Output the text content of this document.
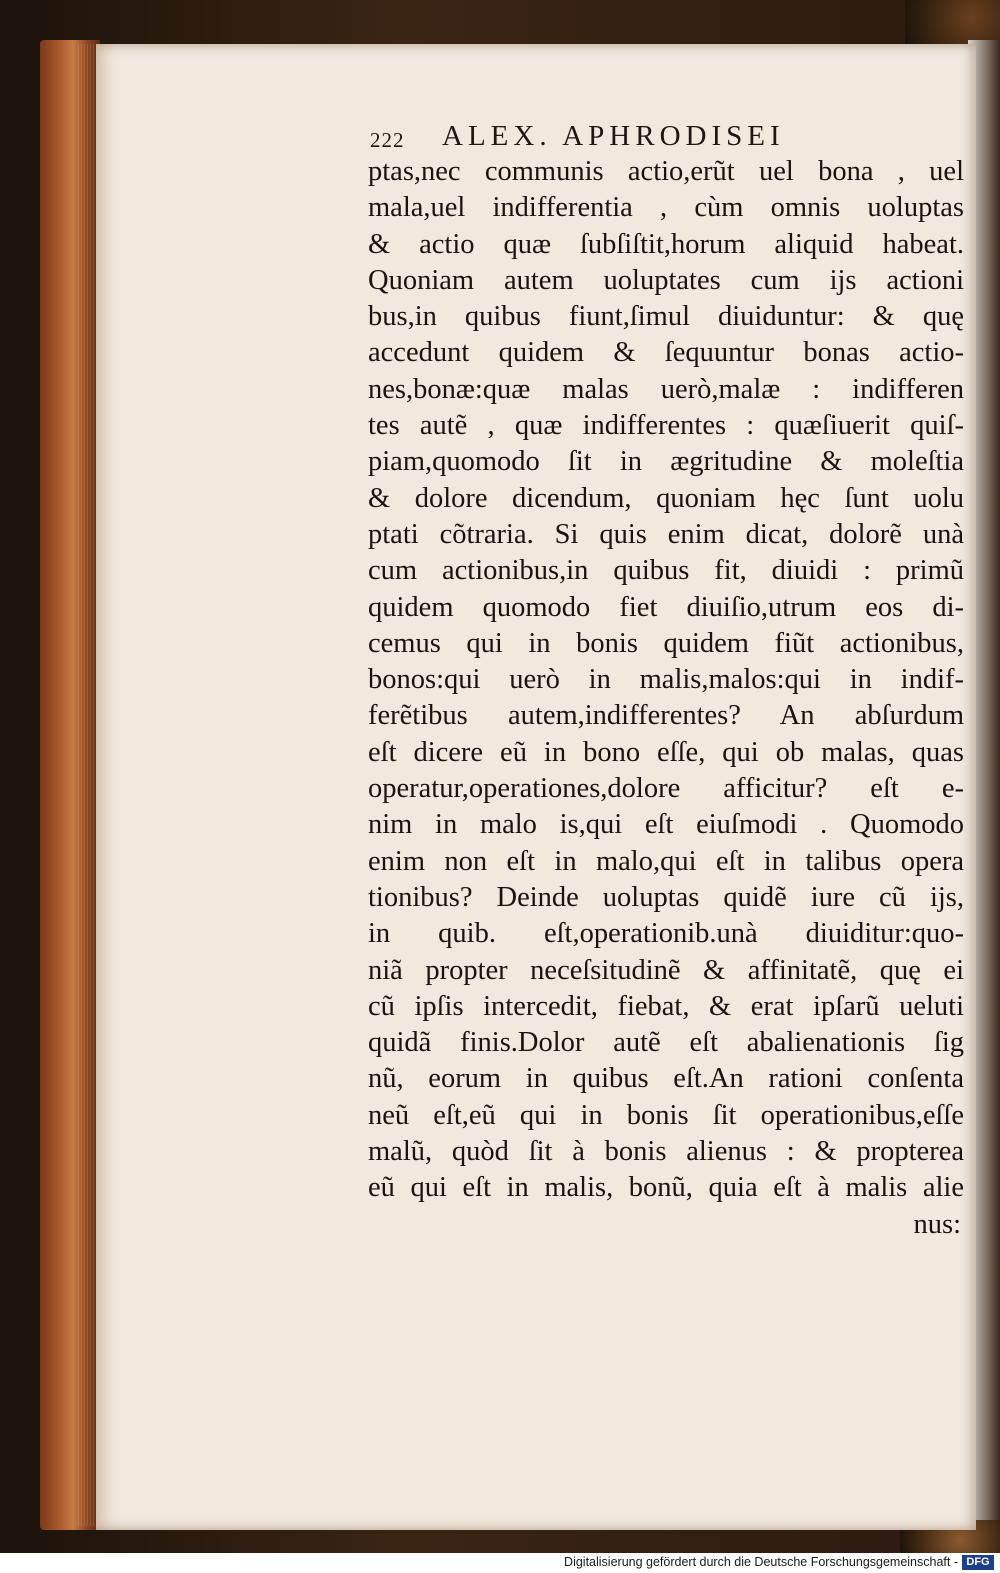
222 ALEX. APHRODISEI
ptas,nec communis actio,erũt uel bona , uel
mala,uel indifferentia , cùm omnis uoluptas
& actio quæ ſubſiſtit,horum aliquid habeat.
Quoniam autem uoluptates cum ijs actioni
bus,in quibus fiunt,ſimul diuiduntur: & quę
accedunt quidem & ſequuntur bonas actio-
nes,bonæ:quæ malas uerò,malæ : indifferen
tes autẽ , quæ indifferentes : quæſiuerit quiſ-
piam,quomodo ſit in ægritudine & moleſtia
& dolore dicendum, quoniam hęc ſunt uolu
ptati cõtraria. Si quis enim dicat, dolorẽ unà
cum actionibus,in quibus fit, diuidi : primũ
quidem quomodo fiet diuiſio,utrum eos di-
cemus qui in bonis quidem fiũt actionibus,
bonos:qui uerò in malis,malos:qui in indif-
ferẽtibus autem,indifferentes? An abſurdum
eſt dicere eũ in bono eſſe, qui ob malas, quas
operatur,operationes,dolore afficitur? eſt e-
nim in malo is,qui eſt eiuſmodi . Quomodo
enim non eſt in malo,qui eſt in talibus opera
tionibus? Deinde uoluptas quidẽ iure cũ ijs,
in quib. eſt,operationib.unà diuiditur:quo-
niã propter neceſsitudinẽ & affinitatẽ, quę ei
cũ ipſis intercedit, fiebat, & erat ipſarũ ueluti
quidã finis.Dolor autẽ eſt abalienationis ſig
nũ, eorum in quibus eſt.An rationi conſenta
neũ eſt,eũ qui in bonis ſit operationibus,eſſe
malũ, quòd ſit à bonis alienus : & propterea
eũ qui eſt in malis, bonũ, quia eſt à malis alie
nus:
Digitalisierung gefördert durch die Deutsche Forschungsgemeinschaft - DFG
